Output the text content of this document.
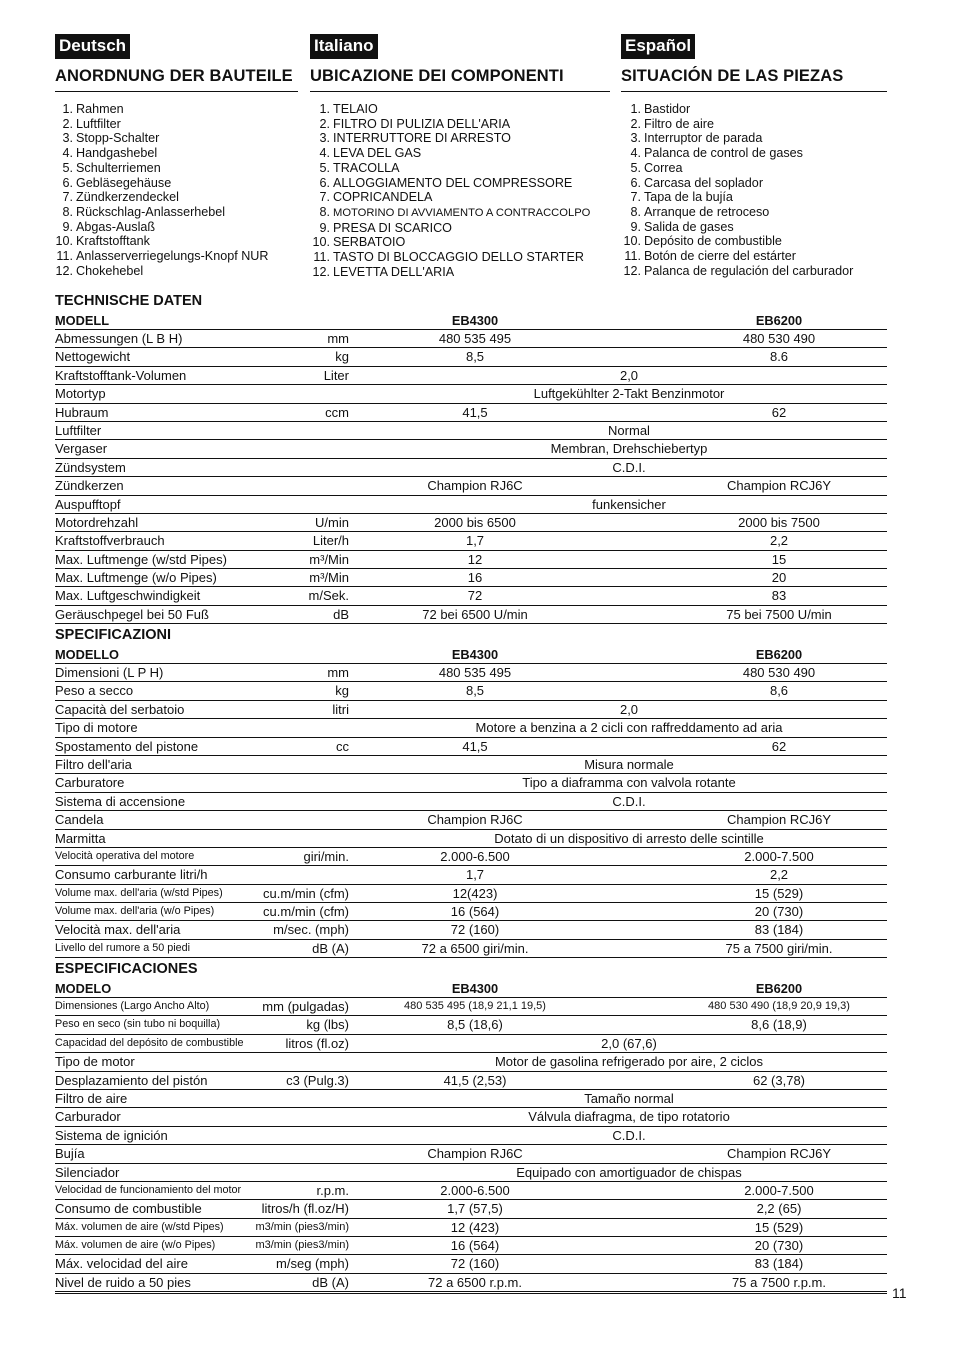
Deutsch
ANORDNUNG DER BAUTEILE
1. Rahmen
2. Luftfilter
3. Stopp-Schalter
4. Handgashebel
5. Schulterriemen
6. Gebläsegehäuse
7. Zündkerzendeckel
8. Rückschlag-Anlasserhebel
9. Abgas-Auslaß
10. Kraftstofftank
11. Anlasserverriegelungs-Knopf NUR
12. Chokehebel
Italiano
UBICAZIONE DEI COMPONENTI
1. TELAIO
2. FILTRO DI PULIZIA DELL'ARIA
3. INTERRUTTORE DI ARRESTO
4. LEVA DEL GAS
5. TRACOLLA
6. ALLOGGIAMENTO DEL COMPRESSORE
7. COPRICANDELA
8. MOTORINO DI AVVIAMENTO A CONTRACCOLPO
9. PRESA DI SCARICO
10. SERBATOIO
11. TASTO DI BLOCCAGGIO DELLO STARTER
12. LEVETTA DELL'ARIA
Español
SITUACIÓN DE LAS PIEZAS
1. Bastidor
2. Filtro de aire
3. Interruptor de parada
4. Palanca de control de gases
5. Correa
6. Carcasa del soplador
7. Tapa de la bujía
8. Arranque de retroceso
9. Salida de gases
10. Depósito de combustible
11. Botón de cierre del estárter
12. Palanca de regulación del carburador
TECHNISCHE DATEN
MODELL	EB4300	EB6200
Abmessungen (L B H)	mm	480 535 495	480 530 490
Nettogewicht	kg	8,5	8.6
Kraftstofftank-Volumen	Liter	2,0
Motortyp	Luftgekühlter 2-Takt Benzinmotor
Hubraum	ccm	41,5	62
Luftfilter	Normal
Vergaser	Membran, Drehschiebertyp
Zündsystem	C.D.I.
Zündkerzen	Champion RJ6C	Champion RCJ6Y
Auspufftopf	funkensicher
Motordrehzahl	U/min	2000 bis 6500	2000 bis 7500
Kraftstoffverbrauch	Liter/h	1,7	2,2
Max. Luftmenge (w/std Pipes)	m³/Min	12	15
Max. Luftmenge (w/o Pipes)	m³/Min	16	20
Max. Luftgeschwindigkeit	m/Sek.	72	83
Geräuschpegel bei 50 Fuß	dB	72 bei 6500 U/min	75 bei 7500 U/min
SPECIFICAZIONI
MODELLO	EB4300	EB6200
Dimensioni (L P H)	mm	480 535 495	480 530 490
Peso a secco	kg	8,5	8,6
Capacità del serbatoio	litri	2,0
Tipo di motore	Motore a benzina a 2 cicli con raffreddamento ad aria
Spostamento del pistone	cc	41,5	62
Filtro dell'aria	Misura normale
Carburatore	Tipo a diaframma con valvola rotante
Sistema di accensione	C.D.I.
Candela	Champion RJ6C	Champion RCJ6Y
Marmitta	Dotato di un dispositivo di arresto delle scintille
Velocità operativa del motore	giri/min.	2.000-6.500	2.000-7.500
Consumo carburante litri/h	1,7	2,2
Volume max. dell'aria (w/std Pipes)	cu.m/min (cfm)	12(423)	15 (529)
Volume max. dell'aria (w/o Pipes)	cu.m/min (cfm)	16 (564)	20 (730)
Velocità max. dell'aria	m/sec. (mph)	72 (160)	83 (184)
Livello del rumore a 50 piedi	dB (A)	72 a 6500 giri/min.	75 a 7500 giri/min.
ESPECIFICACIONES
MODELO	EB4300	EB6200
Dimensiones (Largo Ancho Alto)	mm (pulgadas)	480 535 495 (18,9 21,1 19,5)	480 530 490 (18,9 20,9 19,3)
Peso en seco (sin tubo ni boquilla)	kg (lbs)	8,5 (18,6)	8,6 (18,9)
Capacidad del depósito de combustible	litros (fl.oz)	2,0 (67,6)
Tipo de motor	Motor de gasolina refrigerado por aire, 2 ciclos
Desplazamiento del pistón	c3 (Pulg.3)	41,5 (2,53)	62 (3,78)
Filtro de aire	Tamaño normal
Carburador	Válvula diafragma, de tipo rotatorio
Sistema de ignición	C.D.I.
Bujía	Champion RJ6C	Champion RCJ6Y
Silenciador	Equipado con amortiguador de chispas
Velocidad de funcionamiento del motor	r.p.m.	2.000-6.500	2.000-7.500
Consumo de combustible	litros/h (fl.oz/H)	1,7 (57,5)	2,2 (65)
Máx. volumen de aire (w/std Pipes)	m3/min (pies3/min)	12 (423)	15 (529)
Máx. volumen de aire (w/o Pipes)	m3/min (pies3/min)	16 (564)	20 (730)
Máx. velocidad del aire	m/seg (mph)	72 (160)	83 (184)
Nivel de ruido a 50 pies	dB (A)	72 a 6500 r.p.m.	75 a 7500 r.p.m.
11
